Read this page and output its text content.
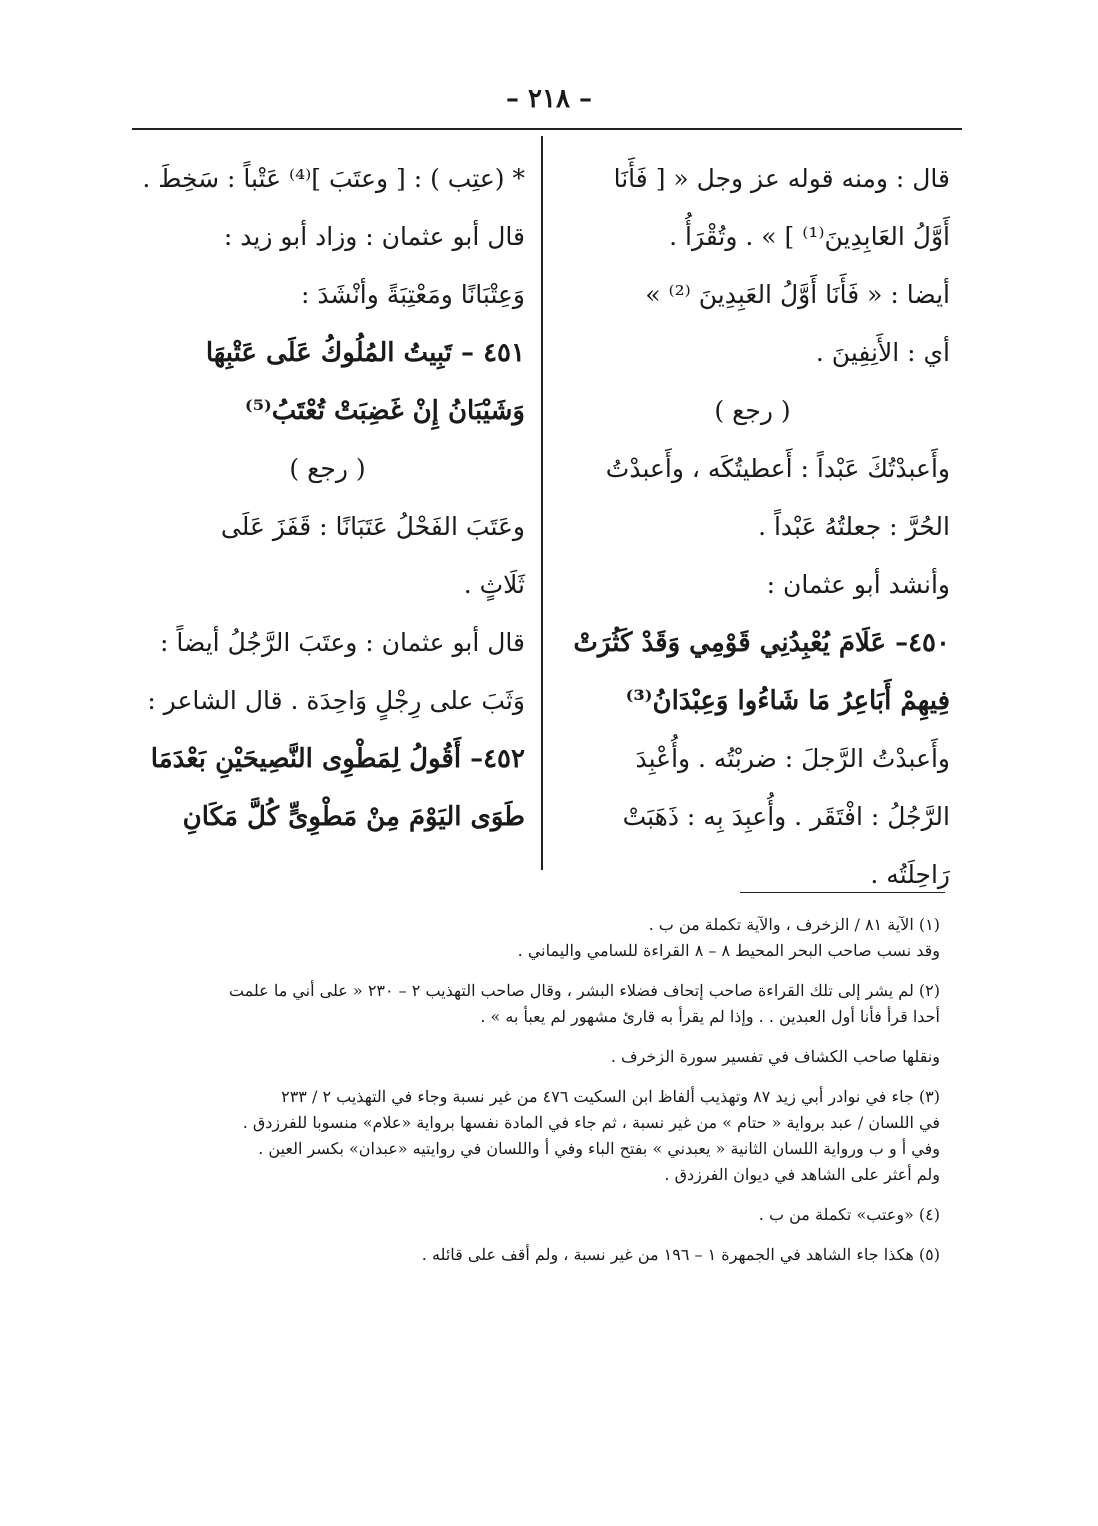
– ٢١٨ –
قال : ومنه قوله عز وجل « [ فَأَنَا
أَوَّلُ العَابِدِينَ⁽¹⁾ ] » . وتُقْرَأُ .
أيضا : « فَأَنَا أَوَّلُ العَبِدِينَ ⁽²⁾ »
أي : الأَنِفِينَ .
( رجع )
وأَعبدْتُكَ عَبْداً : أَعطيتُكَه ، وأَعبدْتُ
الحُرَّ : جعلتُهُ عَبْداً .
وأنشد أبو عثمان :
٤٥٠– عَلَامَ يُعْبِدُنِي قَوْمِي وَقَدْ كَثُرَتْ
فِيهِمْ أَبَاعِرُ مَا شَاءُوا وَعِبْدَانُ⁽³⁾
وأَعبدْتُ الرَّجلَ : ضربْتُه . وأُعْبِدَ
الرَّجُلُ : افْتَقَر . وأُعبِدَ بِه : ذَهَبَتْ
رَاحِلَتُه .
* (عتِب ) : [ وعتَبَ ]⁽⁴⁾ عَتْباً : سَخِطَ .
قال أبو عثمان : وزاد أبو زيد :
وَعِتْبَانًا ومَعْتِبَةً وأنْشَدَ :
٤٥١ – تَبِيتُ المُلُوكُ عَلَى عَتْبِهَا
وَشَيْبَانُ إِنْ غَضِبَتْ تُعْتَبُ⁽⁵⁾
( رجع )
وعَتَبَ الفَحْلُ عَتَبَانًا : قَفَزَ عَلَى
ثَلَاثٍ .
قال أبو عثمان : وعتَبَ الرَّجُلُ أيضاً :
وَثَبَ على رِجْلٍ وَاحِدَة . قال الشاعر :
٤٥٢– أَقُولُ لِمَطْوِى النَّصِيحَيْنِ بَعْدَمَا
طَوَى اليَوْمَ مِنْ مَطْوِىٍّ كُلَّ مَكَانِ
(١) الآية ٨١ / الزخرف ، والآية تكملة من ب .
وقد نسب صاحب البحر المحيط ٨ – ٨ القراءة للسامي واليماني .
(٢) لم يشر إلى تلك القراءة صاحب إتحاف فضلاء البشر ، وقال صاحب التهذيب ٢ – ٢٣٠ « على أني ما علمت
أحدا قرأ فأنا أول العبدين . . وإذا لم يقرأ به قارئ مشهور لم يعبأ به » .
ونقلها صاحب الكشاف في تفسير سورة الزخرف .
(٣) جاء في نوادر أبي زيد ٨٧ وتهذيب ألفاظ ابن السكيت ٤٧٦ من غير نسبة وجاء في التهذيب ٢ / ٢٣٣
في اللسان / عبد برواية « حتام » من غير نسبة ، ثم جاء في المادة نفسها برواية «علام» منسوبا للفرزدق .
وفي أ و ب ورواية اللسان الثانية « يعبدني » بفتح الباء وفي أ واللسان في روايتيه «عبدان» بكسر العين .
ولم أعثر على الشاهد في ديوان الفرزدق .
(٤) «وعتب» تكملة من ب .
(٥) هكذا جاء الشاهد في الجمهرة ١ – ١٩٦ من غير نسبة ، ولم أقف على قائله .
